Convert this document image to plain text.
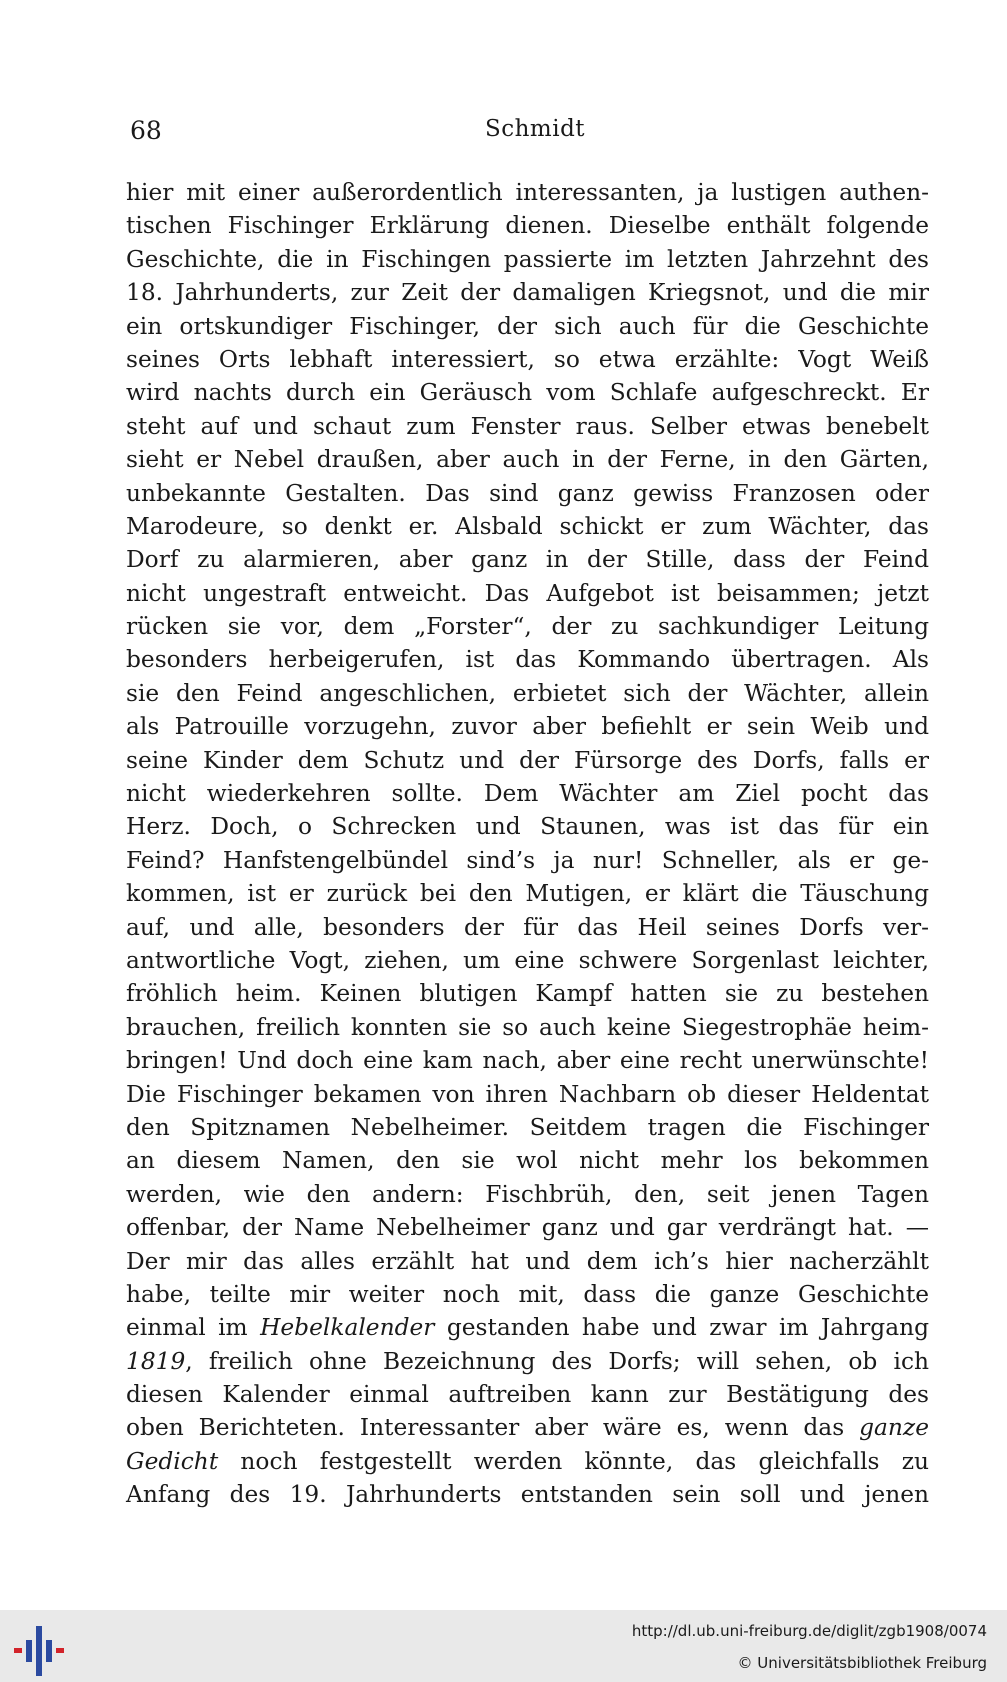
68	Schmidt
hier mit einer außerordentlich interessanten, ja lustigen authen-
tischen Fischinger Erklärung dienen. Dieselbe enthält folgende
Geschichte, die in Fischingen passierte im letzten Jahrzehnt des
18. Jahrhunderts, zur Zeit der damaligen Kriegsnot, und die mir
ein ortskundiger Fischinger, der sich auch für die Geschichte
seines Orts lebhaft interessiert, so etwa erzählte: Vogt Weiß
wird nachts durch ein Geräusch vom Schlafe aufgeschreckt. Er
steht auf und schaut zum Fenster raus. Selber etwas benebelt
sieht er Nebel draußen, aber auch in der Ferne, in den Gärten,
unbekannte Gestalten. Das sind ganz gewiss Franzosen oder
Marodeure, so denkt er. Alsbald schickt er zum Wächter, das
Dorf zu alarmieren, aber ganz in der Stille, dass der Feind
nicht ungestraft entweicht. Das Aufgebot ist beisammen; jetzt
rücken sie vor, dem „Forster“, der zu sachkundiger Leitung
besonders herbeigerufen, ist das Kommando übertragen. Als
sie den Feind angeschlichen, erbietet sich der Wächter, allein
als Patrouille vorzugehn, zuvor aber befiehlt er sein Weib und
seine Kinder dem Schutz und der Fürsorge des Dorfs, falls er
nicht wiederkehren sollte. Dem Wächter am Ziel pocht das
Herz. Doch, o Schrecken und Staunen, was ist das für ein
Feind? Hanfstengelbündel sind’s ja nur! Schneller, als er ge-
kommen, ist er zurück bei den Mutigen, er klärt die Täuschung
auf, und alle, besonders der für das Heil seines Dorfs ver-
antwortliche Vogt, ziehen, um eine schwere Sorgenlast leichter,
fröhlich heim. Keinen blutigen Kampf hatten sie zu bestehen
brauchen, freilich konnten sie so auch keine Siegestrophäe heim-
bringen! Und doch eine kam nach, aber eine recht unerwünschte!
Die Fischinger bekamen von ihren Nachbarn ob dieser Heldentat
den Spitznamen Nebelheimer. Seitdem tragen die Fischinger
an diesem Namen, den sie wol nicht mehr los bekommen
werden, wie den andern: Fischbrüh, den, seit jenen Tagen
offenbar, der Name Nebelheimer ganz und gar verdrängt hat. —
Der mir das alles erzählt hat und dem ich’s hier nacherzählt
habe, teilte mir weiter noch mit, dass die ganze Geschichte
einmal im Hebelkalender gestanden habe und zwar im Jahrgang
1819, freilich ohne Bezeichnung des Dorfs; will sehen, ob ich
diesen Kalender einmal auftreiben kann zur Bestätigung des
oben Berichteten. Interessanter aber wäre es, wenn das ganze
Gedicht noch festgestellt werden könnte, das gleichfalls zu
Anfang des 19. Jahrhunderts entstanden sein soll und jenen
http://dl.ub.uni-freiburg.de/diglit/zgb1908/0074
© Universitätsbibliothek Freiburg
